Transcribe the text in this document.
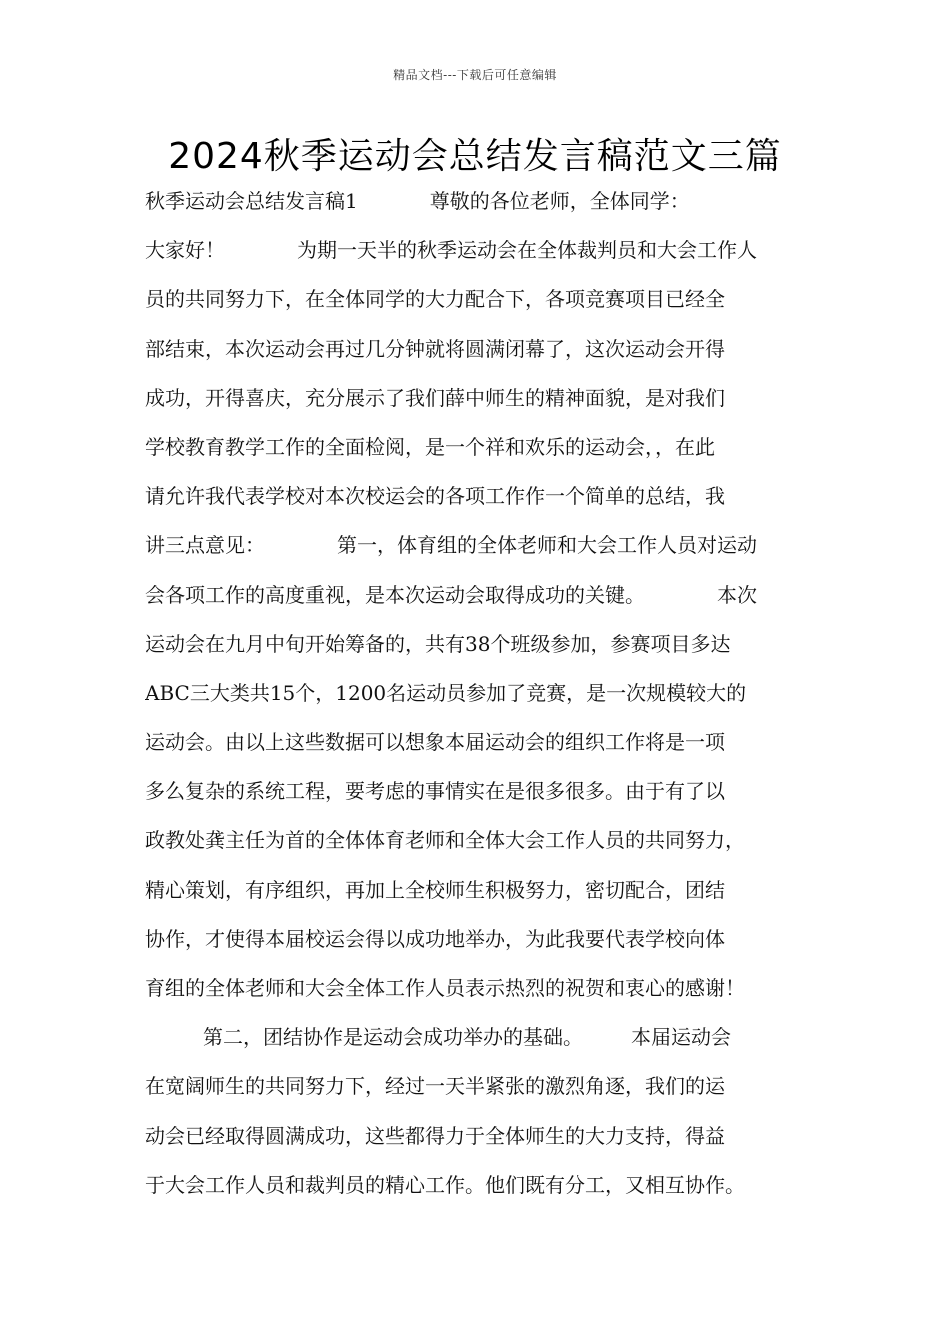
精品文档---下载后可任意编辑
2024秋季运动会总结发言稿范文三篇
秋季运动会总结发言稿1	尊敬的各位老师，全体同学：
大家好！	为期一天半的秋季运动会在全体裁判员和大会工作人
员的共同努力下，在全体同学的大力配合下，各项竞赛项目已经全
部结束，本次运动会再过几分钟就将圆满闭幕了，这次运动会开得
成功，开得喜庆，充分展示了我们薛中师生的精神面貌，是对我们
学校教育教学工作的全面检阅，是一个祥和欢乐的运动会，，在此
请允许我代表学校对本次校运会的各项工作作一个简单的总结，我
讲三点意见：	第一，体育组的全体老师和大会工作人员对运动
会各项工作的高度重视，是本次运动会取得成功的关键。	本次
运动会在九月中旬开始筹备的，共有38个班级参加，参赛项目多达
ABC三大类共15个，1200名运动员参加了竞赛，是一次规模较大的
运动会。由以上这些数据可以想象本届运动会的组织工作将是一项
多么复杂的系统工程，要考虑的事情实在是很多很多。由于有了以
政教处龚主任为首的全体体育老师和全体大会工作人员的共同努力，
精心策划，有序组织，再加上全校师生积极努力，密切配合，团结
协作，才使得本届校运会得以成功地举办，为此我要代表学校向体
育组的全体老师和大会全体工作人员表示热烈的祝贺和衷心的感谢！
第二，团结协作是运动会成功举办的基础。 本届运动会
在宽阔师生的共同努力下，经过一天半紧张的激烈角逐，我们的运
动会已经取得圆满成功，这些都得力于全体师生的大力支持，得益
于大会工作人员和裁判员的精心工作。他们既有分工，又相互协作。
